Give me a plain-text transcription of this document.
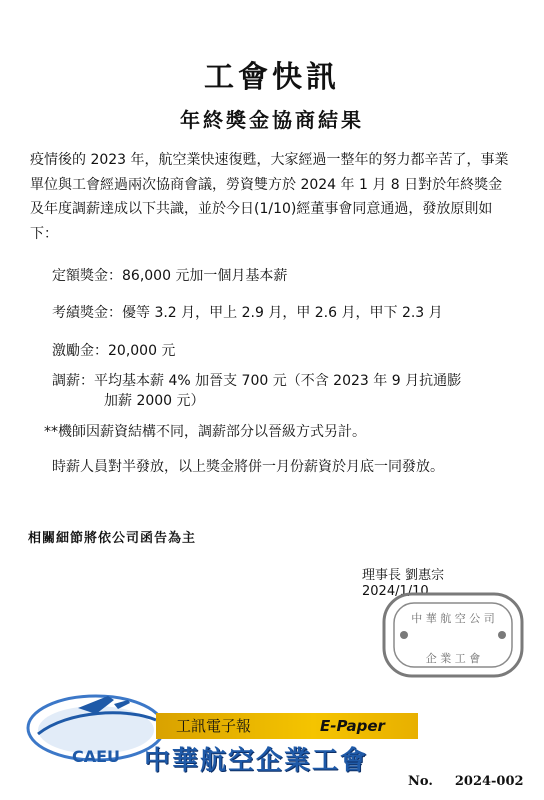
工會快訊
年終獎金協商結果
疫情後的 2023 年，航空業快速復甦，大家經過一整年的努力都辛苦了，事業單位與工會經過兩次協商會議，勞資雙方於 2024 年 1 月 8 日對於年終獎金及年度調薪達成以下共識，並於今日(1/10)經董事會同意通過，發放原則如下：
定額獎金：86,000 元加一個月基本薪
考績獎金：優等 3.2 月，甲上 2.9 月，甲 2.6 月，甲下 2.3 月
激勵金：20,000 元
調薪：平均基本薪 4% 加晉支 700 元（不含 2023 年 9 月抗通膨
加薪 2000 元）
**機師因薪資結構不同，調薪部分以晉級方式另計。
時薪人員對半發放，以上獎金將併一月份薪資於月底一同發放。
相關細節將依公司函告為主
理事長 劉惠宗
2024/1/10
中 華 航 空 公 司
企 業 工 會
CAEU
工訊電子報	E-Paper
中華航空企業工會
No. 2024-002
